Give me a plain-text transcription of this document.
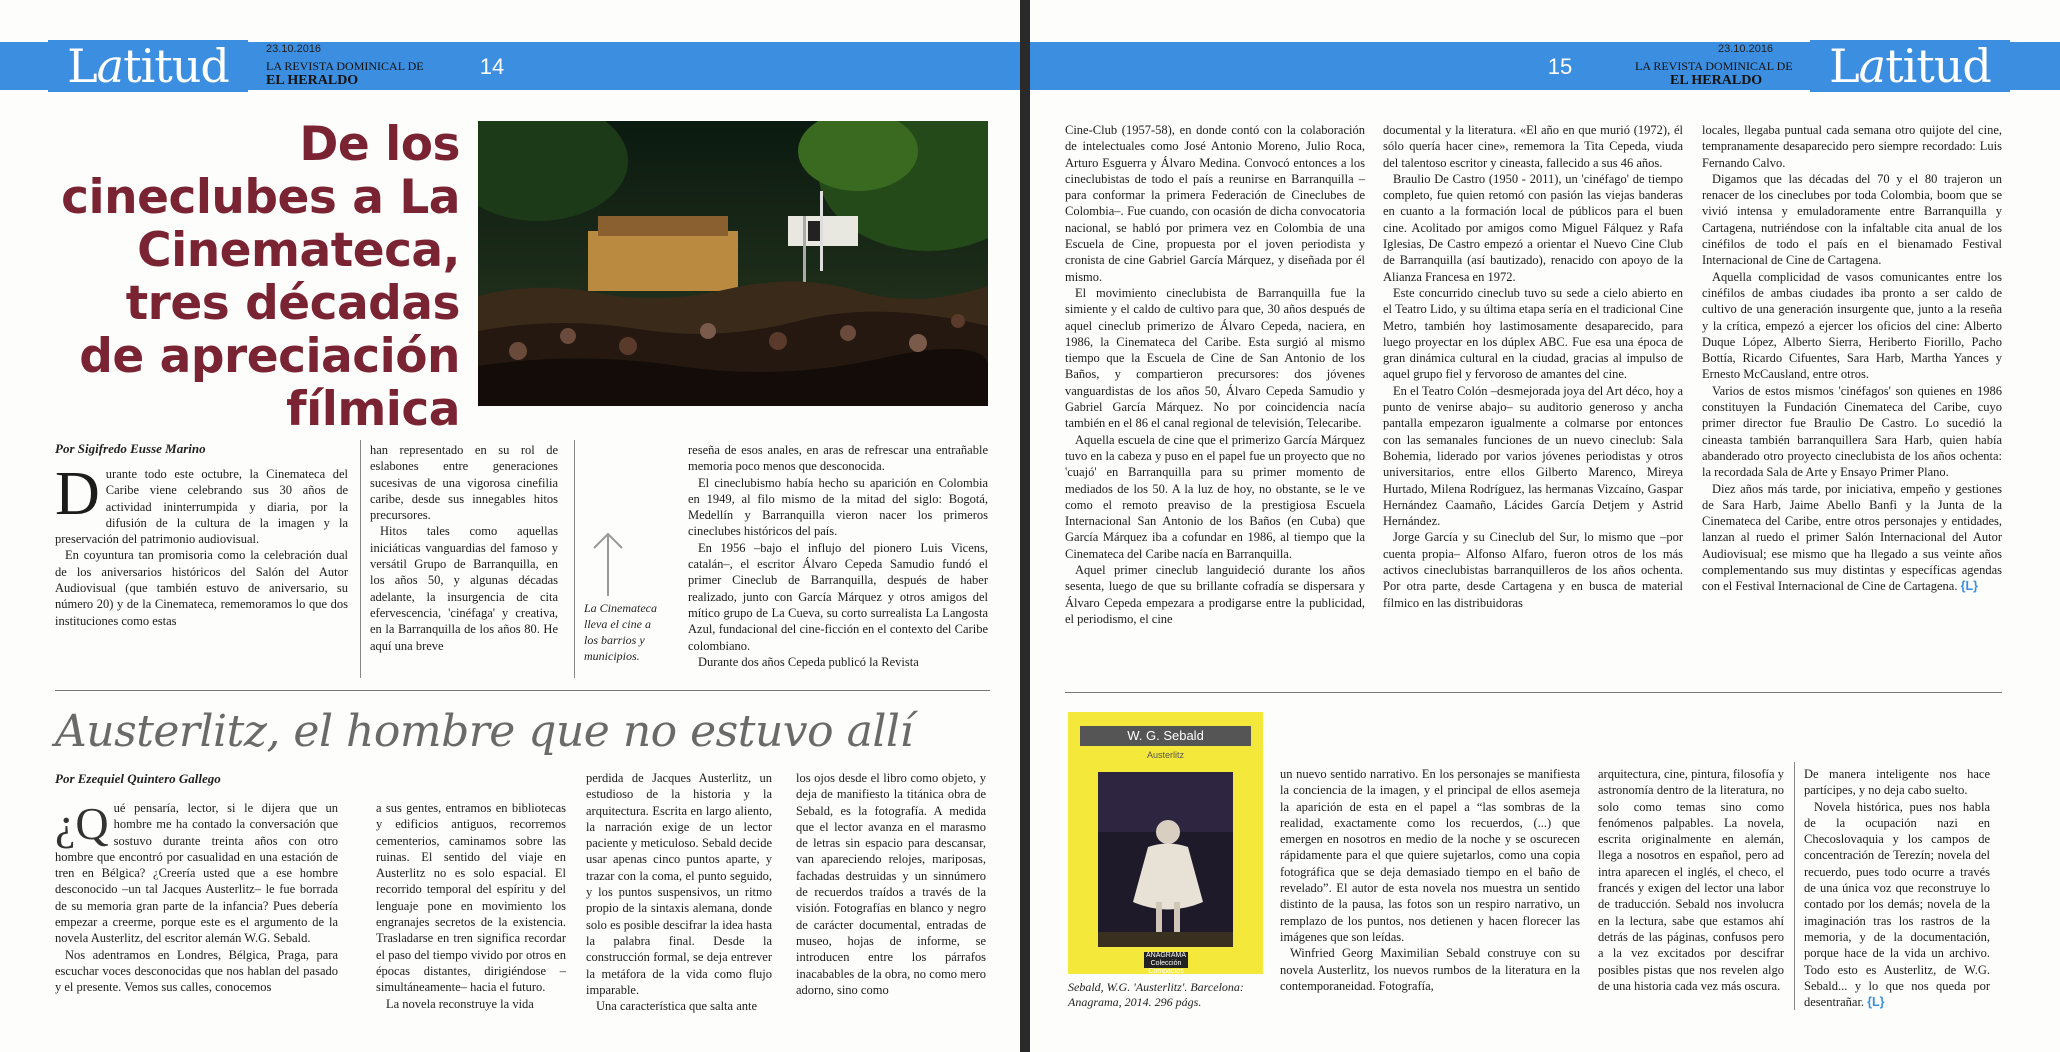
Latitud	23.10.2016
LA REVISTA DOMINICAL DE
EL HERALDO
14
De los cineclubes a La Cinemateca, tres décadas de apreciación fílmica
Por Sigifredo Eusse Marino

Durante todo este octubre, la Cinemateca del Caribe viene celebrando sus 30 años de actividad ininterrumpida y diaria, por la difusión de la cultura de la imagen y la preservación del patrimonio audiovisual.

En coyuntura tan promisoria como la celebración dual de los aniversarios históricos del Salón del Autor Audiovisual (que también estuvo de aniversario, su número 20) y de la Cinemateca, rememoramos lo que dos instituciones como estas

han representado en su rol de eslabones entre generaciones sucesivas de una vigorosa cinefilia caribe, desde sus innegables hitos precursores.

Hitos tales como aquellas iniciáticas vanguardias del famoso y versátil Grupo de Barranquilla, en los años 50, y algunas décadas adelante, la insurgencia de cita efervescencia, 'cinéfaga' y creativa, en la Barranquilla de los años 80. He aquí una breve

La Cinemateca lleva el cine a los barrios y municipios.

reseña de esos anales, en aras de refrescar una entrañable memoria poco menos que desconocida.

El cineclubismo había hecho su aparición en Colombia en 1949, al filo mismo de la mitad del siglo: Bogotá, Medellín y Barranquilla vieron nacer los primeros cineclubes históricos del país.

En 1956 –bajo el influjo del pionero Luis Vicens, catalán–, el escritor Álvaro Cepeda Samudio fundó el primer Cineclub de Barranquilla, después de haber realizado, junto con García Márquez y otros amigos del mítico grupo de La Cueva, su corto surrealista La Langosta Azul, fundacional del cine-ficción en el contexto del Caribe colombiano.

Durante dos años Cepeda publicó la Revista

Austerlitz, el hombre que no estuvo allí
Por Ezequiel Quintero Gallego

¿Q ué pensaría, lector, si le dijera que un hombre me ha contado la conversación que sostuvo durante treinta años con otro hombre que encontró por casualidad en una estación de tren en Bélgica? ¿Creería usted que a ese hombre desconocido –un tal Jacques Austerlitz– le fue borrada de su memoria gran parte de la infancia? Pues debería empezar a creerme, porque este es el argumento de la novela Austerlitz, del escritor alemán W.G. Sebald.

Nos adentramos en Londres, Bélgica, Praga, para escuchar voces desconocidas que nos hablan del pasado y el presente. Vemos sus calles, conocemos

a sus gentes, entramos en bibliotecas y edificios antiguos, recorremos cementerios, caminamos sobre las ruinas. El sentido del viaje en Austerlitz no es solo espacial. El recorrido temporal del espíritu y del lenguaje pone en movimiento los engranajes secretos de la existencia. Trasladarse en tren significa recordar el paso del tiempo vivido por otros en épocas distantes, dirigiéndose –simultáneamente– hacia el futuro.

La novela reconstruye la vida

perdida de Jacques Austerlitz, un estudioso de la historia y la arquitectura. Escrita en largo aliento, la narración exige de un lector paciente y meticuloso. Sebald decide usar apenas cinco puntos aparte, y trazar con la coma, el punto seguido, y los puntos suspensivos, un ritmo propio de la sintaxis alemana, donde solo es posible descifrar la idea hasta la palabra final. Desde la construcción formal, se deja entrever la metáfora de la vida como flujo imparable.

Una característica que salta ante

los ojos desde el libro como objeto, y deja de manifiesto la titánica obra de Sebald, es la fotografía. A medida que el lector avanza en el marasmo de letras sin espacio para descansar, van apareciendo relojes, mariposas, fachadas destruidas y un sinnúmero de recuerdos traídos a través de la visión. Fotografías en blanco y negro de carácter documental, entradas de museo, hojas de informe, se introducen entre los párrafos inacabables de la obra, no como mero adorno, sino como

15
23.10.2016
LA REVISTA DOMINICAL DE
EL HERALDO	Latitud

Cine-Club (1957-58), en donde contó con la colaboración de intelectuales como José Antonio Moreno, Julio Roca, Arturo Esguerra y Álvaro Medina. Convocó entonces a los cineclubistas de todo el país a reunirse en Barranquilla –para conformar la primera Federación de Cineclubes de Colombia–. Fue cuando, con ocasión de dicha convocatoria nacional, se habló por primera vez en Colombia de una Escuela de Cine, propuesta por el joven periodista y cronista de cine Gabriel García Márquez, y diseñada por él mismo.

El movimiento cineclubista de Barranquilla fue la simiente y el caldo de cultivo para que, 30 años después de aquel cineclub primerizo de Álvaro Cepeda, naciera, en 1986, la Cinemateca del Caribe. Esta surgió al mismo tiempo que la Escuela de Cine de San Antonio de los Baños, y compartieron precursores: dos jóvenes vanguardistas de los años 50, Álvaro Cepeda Samudio y Gabriel García Márquez. No por coincidencia nacía también en el 86 el canal regional de televisión, Telecaribe.

Aquella escuela de cine que el primerizo García Márquez tuvo en la cabeza y puso en el papel fue un proyecto que no 'cuajó' en Barranquilla para su primer momento de mediados de los 50. A la luz de hoy, no obstante, se le ve como el remoto preaviso de la prestigiosa Escuela Internacional San Antonio de los Baños (en Cuba) que García Márquez iba a cofundar en 1986, al tiempo que la Cinemateca del Caribe nacía en Barranquilla.

Aquel primer cineclub languideció durante los años sesenta, luego de que su brillante cofradía se dispersara y Álvaro Cepeda empezara a prodigarse entre la publicidad, el periodismo, el cine

documental y la literatura. «El año en que murió (1972), él sólo quería hacer cine», rememora la Tita Cepeda, viuda del talentoso escritor y cineasta, fallecido a sus 46 años.

Braulio De Castro (1950 - 2011), un 'cinéfago' de tiempo completo, fue quien retomó con pasión las viejas banderas en cuanto a la formación local de públicos para el buen cine. Acolitado por amigos como Miguel Fálquez y Rafa Iglesias, De Castro empezó a orientar el Nuevo Cine Club de Barranquilla (así bautizado), renacido con apoyo de la Alianza Francesa en 1972.

Este concurrido cineclub tuvo su sede a cielo abierto en el Teatro Lido, y su última etapa sería en el tradicional Cine Metro, también hoy lastimosamente desaparecido, para luego proyectar en los dúplex ABC. Fue esa una época de gran dinámica cultural en la ciudad, gracias al impulso de aquel grupo fiel y fervoroso de amantes del cine.

En el Teatro Colón –desmejorada joya del Art déco, hoy a punto de venirse abajo– su auditorio generoso y ancha pantalla empezaron igualmente a colmarse por entonces con las semanales funciones de un nuevo cineclub: Sala Bohemia, liderado por varios jóvenes periodistas y otros universitarios, entre ellos Gilberto Marenco, Mireya Hurtado, Milena Rodríguez, las hermanas Vizcaíno, Gaspar Hernández Caamaño, Lácides García Detjem y Astrid Hernández.

Jorge García y su Cineclub del Sur, lo mismo que –por cuenta propia– Alfonso Alfaro, fueron otros de los más activos cineclubistas barranquilleros de los años ochenta. Por otra parte, desde Cartagena y en busca de material fílmico en las distribuidoras

locales, llegaba puntual cada semana otro quijote del cine, tempranamente desaparecido pero siempre recordado: Luis Fernando Calvo.

Digamos que las décadas del 70 y el 80 trajeron un renacer de los cineclubes por toda Colombia, boom que se vivió intensa y emuladoramente entre Barranquilla y Cartagena, nutriéndose con la infaltable cita anual de los cinéfilos de todo el país en el bienamado Festival Internacional de Cine de Cartagena.

Aquella complicidad de vasos comunicantes entre los cinéfilos de ambas ciudades iba pronto a ser caldo de cultivo de una generación insurgente que, junto a la reseña y la crítica, empezó a ejercer los oficios del cine: Alberto Duque López, Alberto Sierra, Heriberto Fiorillo, Pacho Bottía, Ricardo Cifuentes, Sara Harb, Martha Yances y Ernesto McCausland, entre otros.

Varios de estos mismos 'cinéfagos' son quienes en 1986 constituyen la Fundación Cinemateca del Caribe, cuyo primer director fue Braulio De Castro. Lo sucedió la cineasta también barranquillera Sara Harb, quien había abanderado otro proyecto cineclubista de los años ochenta: la recordada Sala de Arte y Ensayo Primer Plano.

Diez años más tarde, por iniciativa, empeño y gestiones de Sara Harb, Jaime Abello Banfi y la Junta de la Cinemateca del Caribe, entre otros personajes y entidades, lanzan al ruedo el primer Salón Internacional del Autor Audiovisual; ese mismo que ha llegado a sus veinte años complementando sus muy distintas y específicas agendas con el Festival Internacional de Cine de Cartagena. {L}

un nuevo sentido narrativo. En los personajes se manifiesta la conciencia de la imagen, y el principal de ellos asemeja la aparición de esta en el papel a “las sombras de la realidad, exactamente como los recuerdos, (...) que emergen en nosotros en medio de la noche y se oscurecen rápidamente para el que quiere sujetarlos, como una copia fotográfica que se deja demasiado tiempo en el baño de revelado”. El autor de esta novela nos muestra un sentido distinto de la pausa, las fotos son un respiro narrativo, un remplazo de los puntos, nos detienen y hacen florecer las imágenes que son leídas.

Winfried Georg Maximilian Sebald construye con su novela Austerlitz, los nuevos rumbos de la literatura en la contemporaneidad. Fotografía,

arquitectura, cine, pintura, filosofía y astronomía dentro de la literatura, no solo como temas sino como fenómenos palpables. La novela, escrita originalmente en alemán, llega a nosotros en español, pero ad intra aparecen el inglés, el checo, el francés y exigen del lector una labor de traducción. Sebald nos involucra en la lectura, sabe que estamos ahí detrás de las páginas, confusos pero a la vez excitados por descifrar posibles pistas que nos revelen algo de una historia cada vez más oscura.

De manera inteligente nos hace partícipes, y no deja cabo suelto.

Novela histórica, pues nos habla de la ocupación nazi en Checoslovaquia y los campos de concentración de Terezín; novela del recuerdo, pues todo ocurre a través de una única voz que reconstruye lo contado por los demás; novela de la imaginación tras los rastros de la memoria, y de la documentación, porque hace de la vida un archivo. Todo esto es Austerlitz, de W.G. Sebald... y lo que nos queda por desentrañar. {L}

W. G. Sebald
Austerlitz
ANAGRAMA Colección Compactos
Sebald, W.G. 'Austerlitz'. Barcelona: Anagrama, 2014. 296 págs.
